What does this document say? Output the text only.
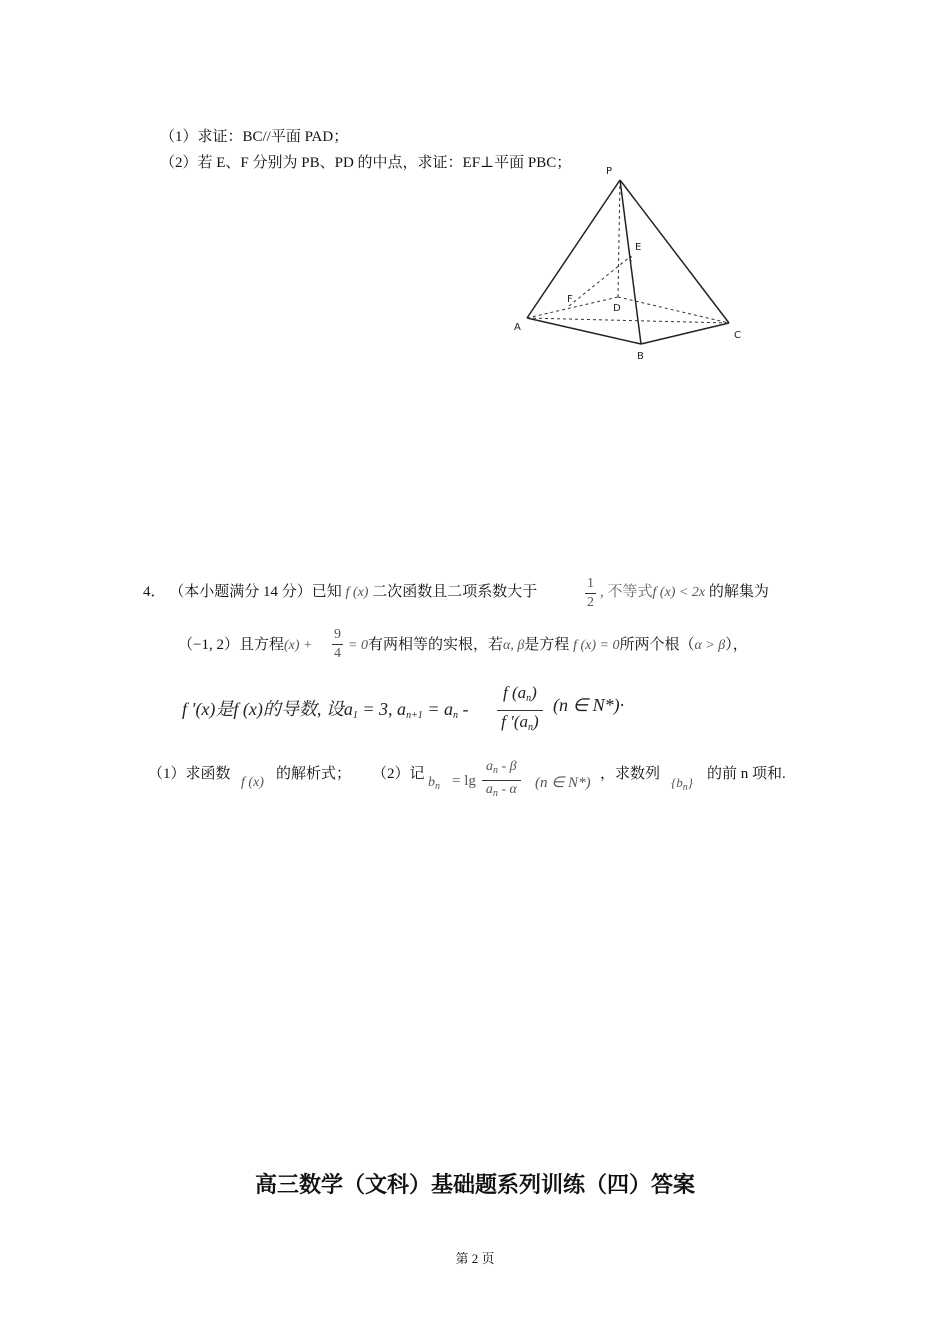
（1）求证：BC//平面 PAD；
（2）若 E、F 分别为 PB、PD 的中点，求证：EF⊥平面 PBC；
P
E
F
D
A
B
C
4． （本小题满分 14 分）已知 f (x) 二次函数且二项系数大于	$\frac{1}{2}$ , 不等式f (x) < 2x 的解集为
（−1, 2）且方程$(x) + \frac{9}{4} = 0$有两相等的实根，若α, β是方程 f (x) = 0所两个根（α > β），
f ′(x)是f (x)的导数, 设$a_1 = 3$, $a_{n+1} = a_n - \frac{f (a_n)}{f '(a_n)} (n$ ∈ N*)·
（1）求函数
f (x)
的解析式； （2）记
$b_n = \lg \frac{a_n - \beta}{a_n - \alpha} (n$ ∈ N*)
，求数列
$\{b_n\}$
的前 n 项和.
高三数学（文科）基础题系列训练（四）答案
第 2 页
